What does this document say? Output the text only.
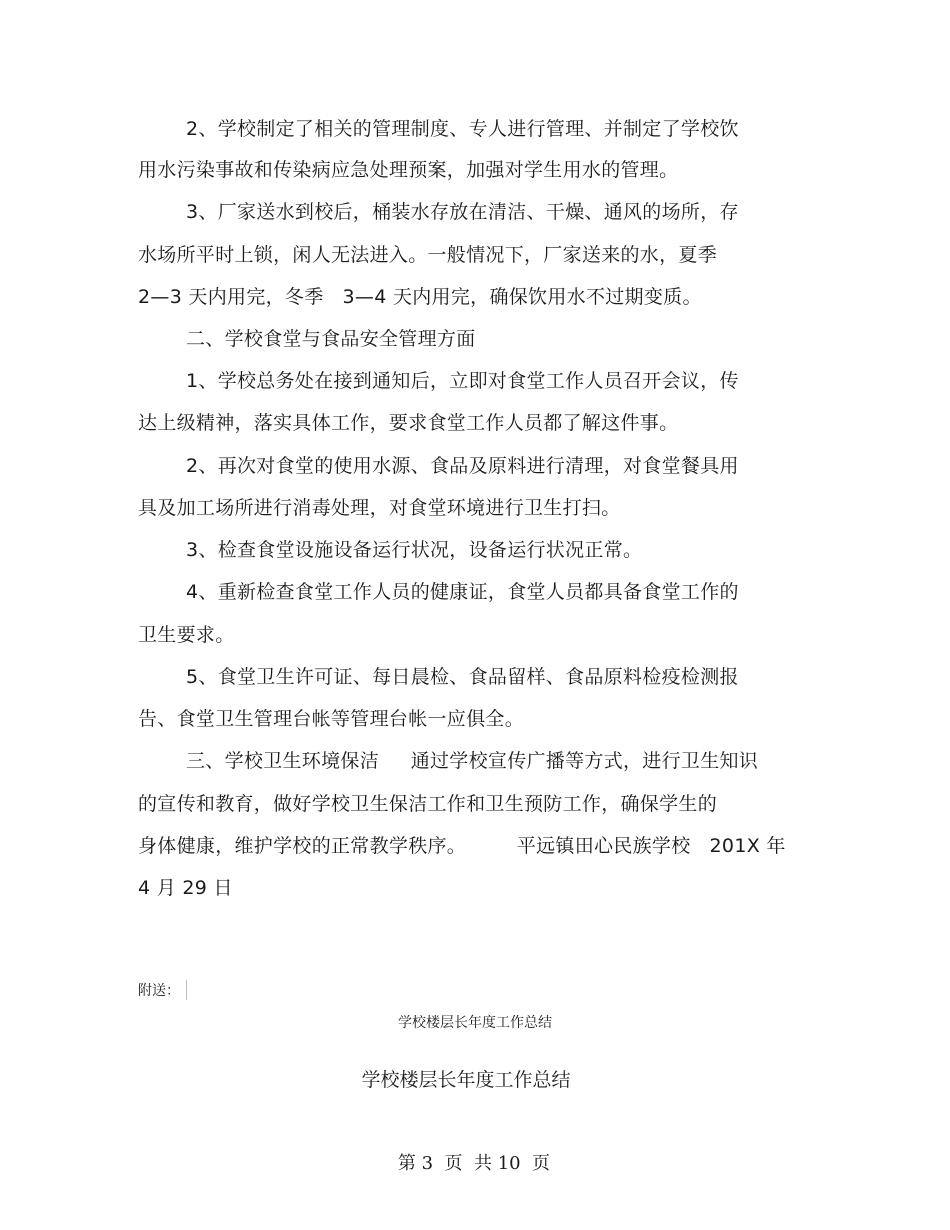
2、学校制定了相关的管理制度、专人进行管理、并制定了学校饮
用水污染事故和传染病应急处理预案，加强对学生用水的管理。
3、厂家送水到校后，桶装水存放在清洁、干燥、通风的场所，存
水场所平时上锁，闲人无法进入。一般情况下，厂家送来的水，夏季
2—3 天内用完，冬季   3—4 天内用完，确保饮用水不过期变质。
二、学校食堂与食品安全管理方面
1、学校总务处在接到通知后，立即对食堂工作人员召开会议，传
达上级精神，落实具体工作，要求食堂工作人员都了解这件事。
2、再次对食堂的使用水源、食品及原料进行清理，对食堂餐具用
具及加工场所进行消毒处理，对食堂环境进行卫生打扫。
3、检查食堂设施设备运行状况，设备运行状况正常。
4、重新检查食堂工作人员的健康证，食堂人员都具备食堂工作的
卫生要求。
5、食堂卫生许可证、每日晨检、食品留样、食品原料检疫检测报
告、食堂卫生管理台帐等管理台帐一应俱全。
三、学校卫生环境保洁     通过学校宣传广播等方式，进行卫生知识
的宣传和教育，做好学校卫生保洁工作和卫生预防工作，确保学生的
身体健康，维护学校的正常教学秩序。        平远镇田心民族学校   201X 年
4 月 29 日
附送：
学校楼层长年度工作总结
学校楼层长年度工作总结
第 3  页  共 10  页
